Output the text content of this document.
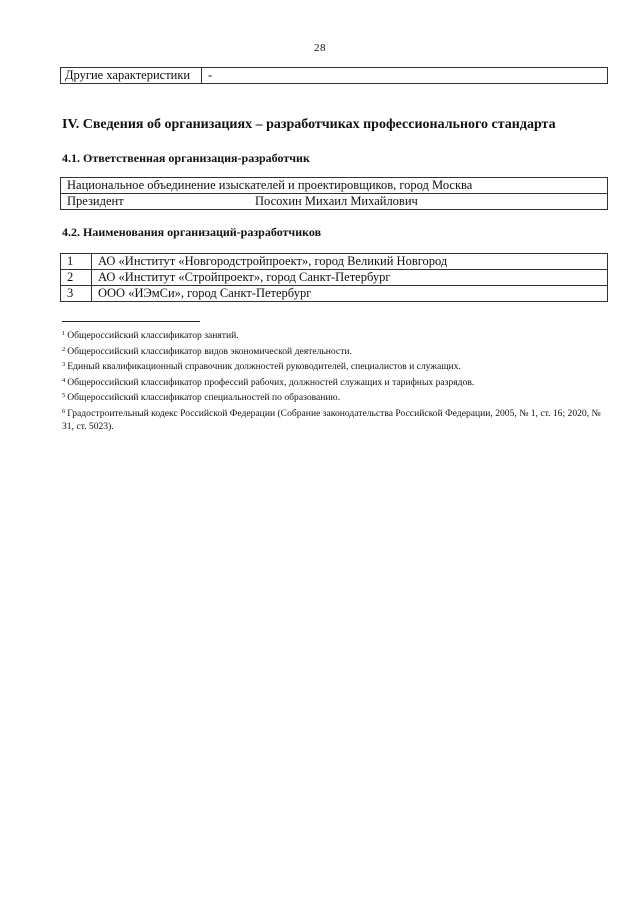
28
Другие характеристики	-
IV. Сведения об организациях – разработчиках профессионального стандарта
4.1. Ответственная организация-разработчик
Национальное объединение изыскателей и проектировщиков, город Москва
Президент	Посохин Михаил Михайлович
4.2. Наименования организаций-разработчиков
1	АО «Институт «Новгородстройпроект», город Великий Новгород
2	АО «Институт «Стройпроект», город Санкт-Петербург
3	ООО «ИЭмСи», город Санкт-Петербург

$^1$ Общероссийский классификатор занятий.

$^2$ Общероссийский классификатор видов экономической деятельности.

$^3$ Единый квалификационный справочник должностей руководителей, специалистов и служащих.

$^4$ Общероссийский классификатор профессий рабочих, должностей служащих и тарифных разрядов.

$^5$ Общероссийский классификатор специальностей по образованию.

$^6$ Градостроительный кодекс Российской Федерации (Собрание законодательства Российской Федерации, 2005, № 1, ст. 16; 2020, № 31, ст. 5023).
